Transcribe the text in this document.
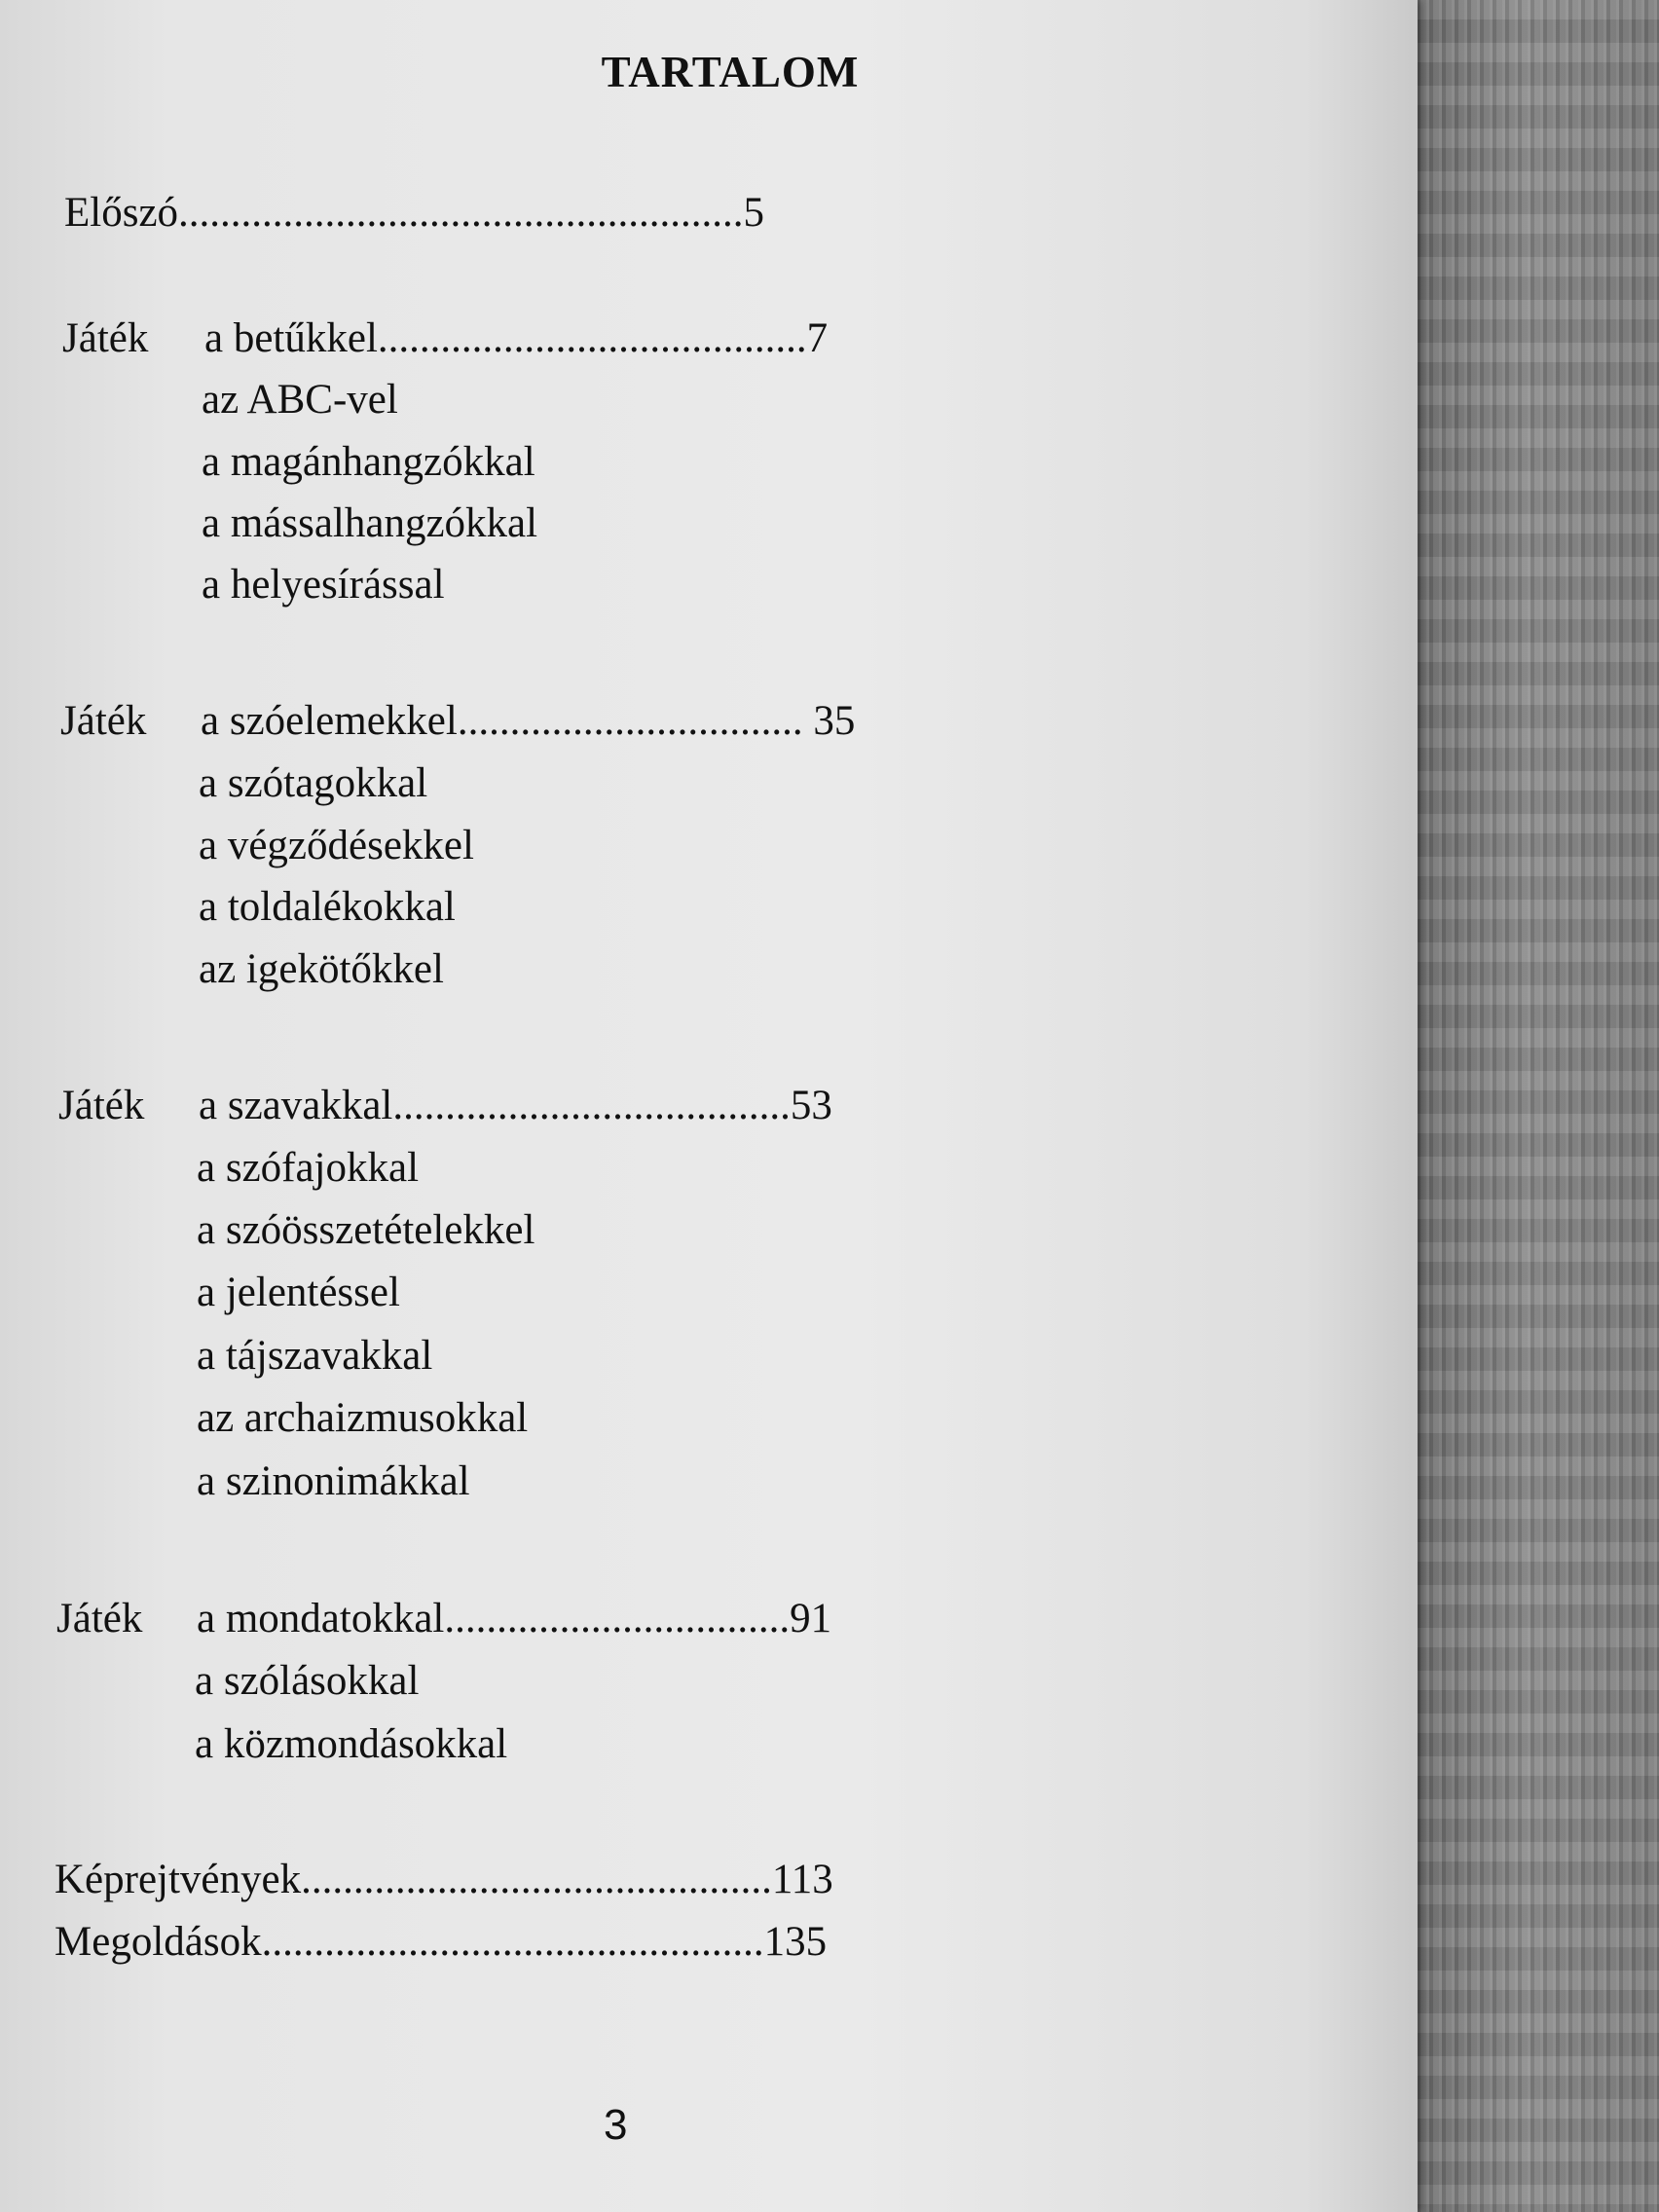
TARTALOM
Előszó......................................................5
Játék a betűkkel.........................................7
az ABC-vel
a magánhangzókkal
a mássalhangzókkal
a helyesírással
Játék a szóelemekkel................................. 35
a szótagokkal
a végződésekkel
a toldalékokkal
az igekötőkkel
Játék a szavakkal......................................53
a szófajokkal
a szóösszetételekkel
a jelentéssel
a tájszavakkal
az archaizmusokkal
a szinonimákkal
Játék a mondatokkal.................................91
a szólásokkal
a közmondásokkal
Képrejtvények.............................................113
Megoldások................................................135
3
